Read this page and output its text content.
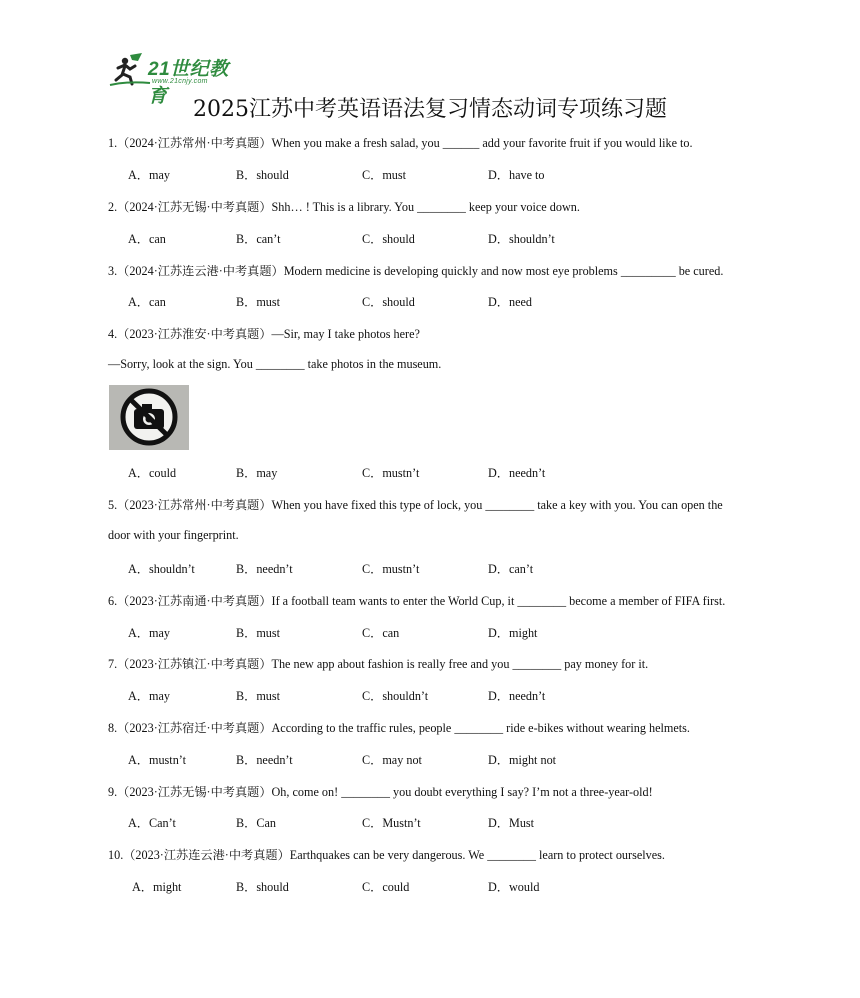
21世纪教育
www.21cnjy.com
2025江苏中考英语语法复习情态动词专项练习题
1.（2024·江苏常州·中考真题）When you make a fresh salad, you ______ add your favorite fruit if you would like to.
A．may	B．should	C．must	D．have to
2.（2024·江苏无锡·中考真题）Shh… ! This is a library. You ________ keep your voice down.
A．can	B．can’t	C．should	D．shouldn’t
3.（2024·江苏连云港·中考真题）Modern medicine is developing quickly and now most eye problems _________ be cured.
A．can	B．must	C．should	D．need
4.（2023·江苏淮安·中考真题）—Sir, may I take photos here?
—Sorry, look at the sign. You ________ take photos in the museum.
A．could	B．may	C．mustn’t	D．needn’t
5.（2023·江苏常州·中考真题）When you have fixed this type of lock, you ________ take a key with you. You can open the
door with your fingerprint.
A．shouldn’t	B．needn’t	C．mustn’t	D．can’t
6.（2023·江苏南通·中考真题）If a football team wants to enter the World Cup, it ________ become a member of FIFA first.
A．may	B．must	C．can	D．might
7.（2023·江苏镇江·中考真题）The new app about fashion is really free and you ________ pay money for it.
A．may	B．must	C．shouldn’t	D．needn’t
8.（2023·江苏宿迁·中考真题）According to the traffic rules, people ________ ride e-bikes without wearing helmets.
A．mustn’t	B．needn’t	C．may not	D．might not
9.（2023·江苏无锡·中考真题）Oh, come on! ________ you doubt everything I say? I’m not a three-year-old!
A．Can’t	B．Can	C．Mustn’t	D．Must
10.（2023·江苏连云港·中考真题）Earthquakes can be very dangerous. We ________ learn to protect ourselves.
A．might	B．should	C．could	D．would
